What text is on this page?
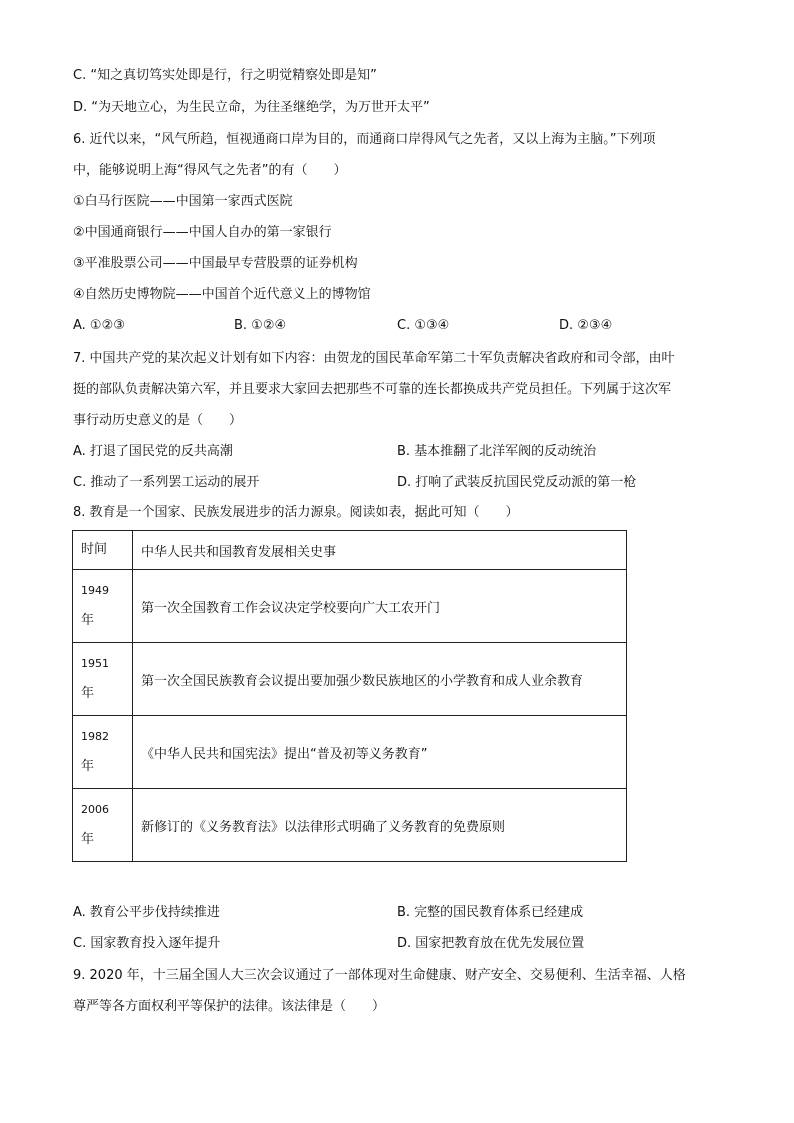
C. “知之真切笃实处即是行，行之明觉精察处即是知”
D. “为天地立心，为生民立命，为往圣继绝学，为万世开太平”
6. 近代以来，“风气所趋，恒视通商口岸为目的，而通商口岸得风气之先者，又以上海为主脑。”下列项
中，能够说明上海“得风气之先者”的有（　　）
①白马行医院——中国第一家西式医院
②中国通商银行——中国人自办的第一家银行
③平准股票公司——中国最早专营股票的证券机构
④自然历史博物院——中国首个近代意义上的博物馆
A. ①②③	B. ①②④	C. ①③④	D. ②③④
7. 中国共产党的某次起义计划有如下内容：由贺龙的国民革命军第二十军负责解决省政府和司令部，由叶
挺的部队负责解决第六军，并且要求大家回去把那些不可靠的连长都换成共产党员担任。下列属于这次军
事行动历史意义的是（　　）
A. 打退了国民党的反共高潮	B. 基本推翻了北洋军阀的反动统治
C. 推动了一系列罢工运动的展开	D. 打响了武装反抗国民党反动派的第一枪
8. 教育是一个国家、民族发展进步的活力源泉。阅读如表，据此可知（　　）
时间	中华人民共和国教育发展相关史事
1949
年	第一次全国教育工作会议决定学校要向广大工农开门
1951
年	第一次全国民族教育会议提出要加强少数民族地区的小学教育和成人业余教育
1982
年	《中华人民共和国宪法》提出“普及初等义务教育”
2006
年	新修订的《义务教育法》以法律形式明确了义务教育的免费原则
A. 教育公平步伐持续推进	B. 完整的国民教育体系已经建成
C. 国家教育投入逐年提升	D. 国家把教育放在优先发展位置
9. 2020 年，十三届全国人大三次会议通过了一部体现对生命健康、财产安全、交易便利、生活幸福、人格
尊严等各方面权利平等保护的法律。该法律是（　　）
